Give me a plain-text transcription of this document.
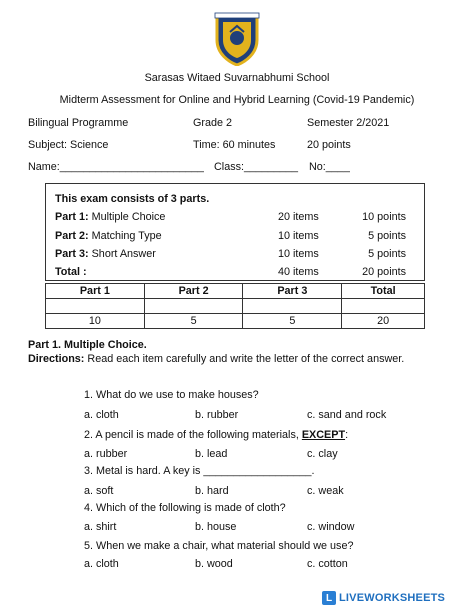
Sarasas Witaed Suvarnabhumi School
Midterm Assessment for Online and Hybrid Learning (Covid-19 Pandemic)
Bilingual Programme	Grade 2	Semester 2/2021
Subject: Science	Time: 60 minutes	20 points
Name:________________________ Class:_________ No:____
This exam consists of 3 parts.
Part 1: Multiple Choice	20 items	10 points
Part 2: Matching Type	10 items	5 points
Part 3: Short Answer	10 items	5 points
Total :	40 items	20 points
Part 1	Part 2	Part 3	Total

10	5	5	20
Part 1. Multiple Choice.
Directions: Read each item carefully and write the letter of the correct answer.
1. What do we use to make houses?
a. cloth	b. rubber	c. sand and rock
2. A pencil is made of the following materials, EXCEPT:
a. rubber	b. lead	c. clay
3. Metal is hard. A key is __________________.
a. soft	b. hard	c. weak
4. Which of the following is made of cloth?
a. shirt	b. house	c. window
5. When we make a chair, what material should we use?
a. cloth	b. wood	c. cotton
L LIVEWORKSHEETS
